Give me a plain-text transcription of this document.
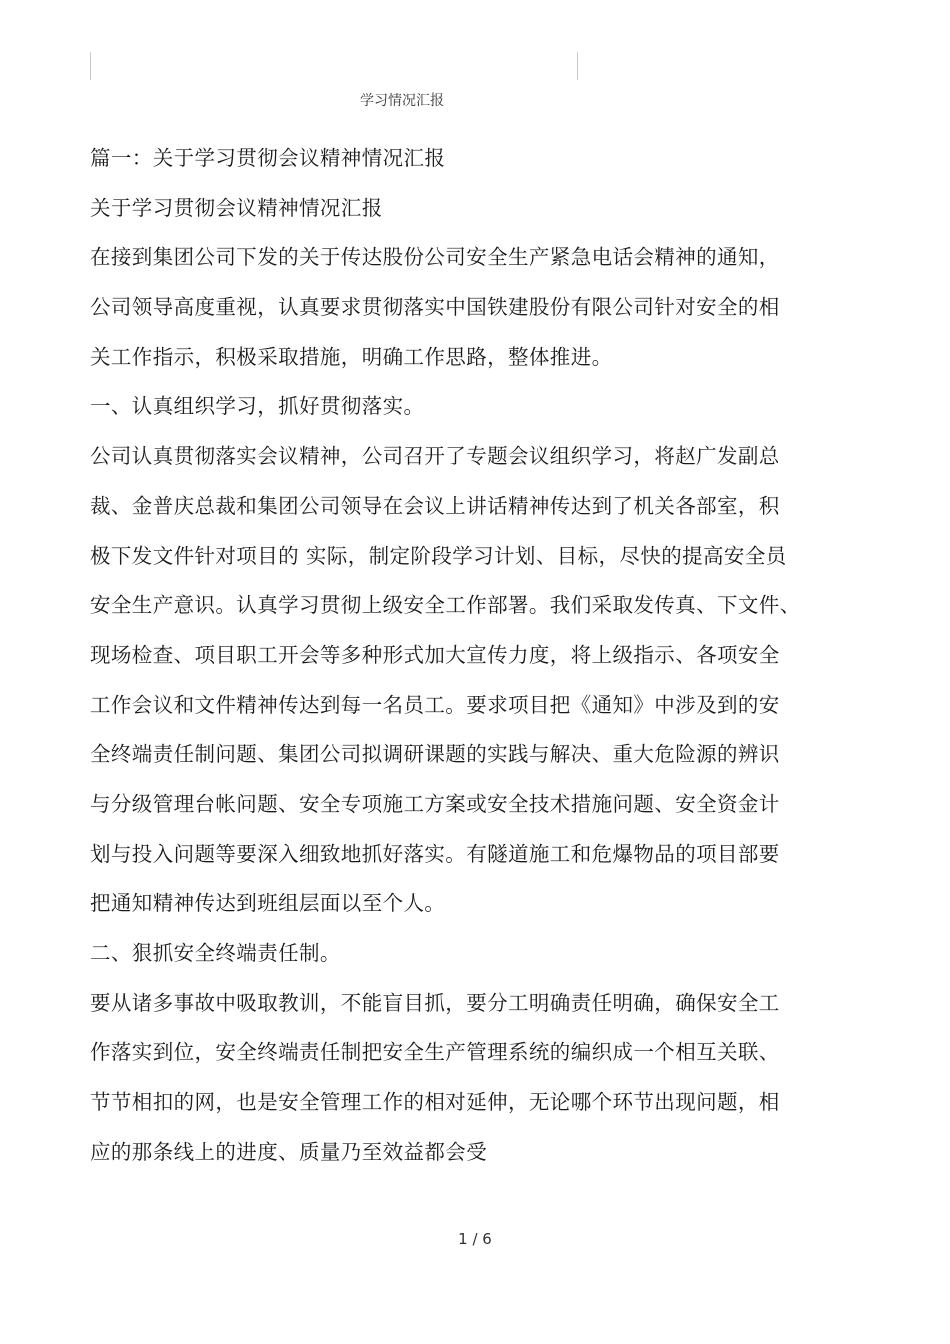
学习情况汇报
篇一：关于学习贯彻会议精神情况汇报
关于学习贯彻会议精神情况汇报
在接到集团公司下发的关于传达股份公司安全生产紧急电话会精神的通知，
公司领导高度重视，认真要求贯彻落实中国铁建股份有限公司针对安全的相
关工作指示，积极采取措施，明确工作思路，整体推进。
一、认真组织学习，抓好贯彻落实。
公司认真贯彻落实会议精神，公司召开了专题会议组织学习，将赵广发副总
裁、金普庆总裁和集团公司领导在会议上讲话精神传达到了机关各部室，积
极下发文件针对项目的 实际，制定阶段学习计划、目标，尽快的提高安全员
安全生产意识。认真学习贯彻上级安全工作部署。我们采取发传真、下文件、
现场检查、项目职工开会等多种形式加大宣传力度，将上级指示、各项安全
工作会议和文件精神传达到每一名员工。要求项目把《通知》中涉及到的安
全终端责任制问题、集团公司拟调研课题的实践与解决、重大危险源的辨识
与分级管理台帐问题、安全专项施工方案或安全技术措施问题、安全资金计
划与投入问题等要深入细致地抓好落实。有隧道施工和危爆物品的项目部要
把通知精神传达到班组层面以至个人。
二、狠抓安全终端责任制。
要从诸多事故中吸取教训，不能盲目抓，要分工明确责任明确，确保安全工
作落实到位，安全终端责任制把安全生产管理系统的编织成一个相互关联、
节节相扣的网，也是安全管理工作的相对延伸，无论哪个环节出现问题，相
应的那条线上的进度、质量乃至效益都会受
1 / 6
